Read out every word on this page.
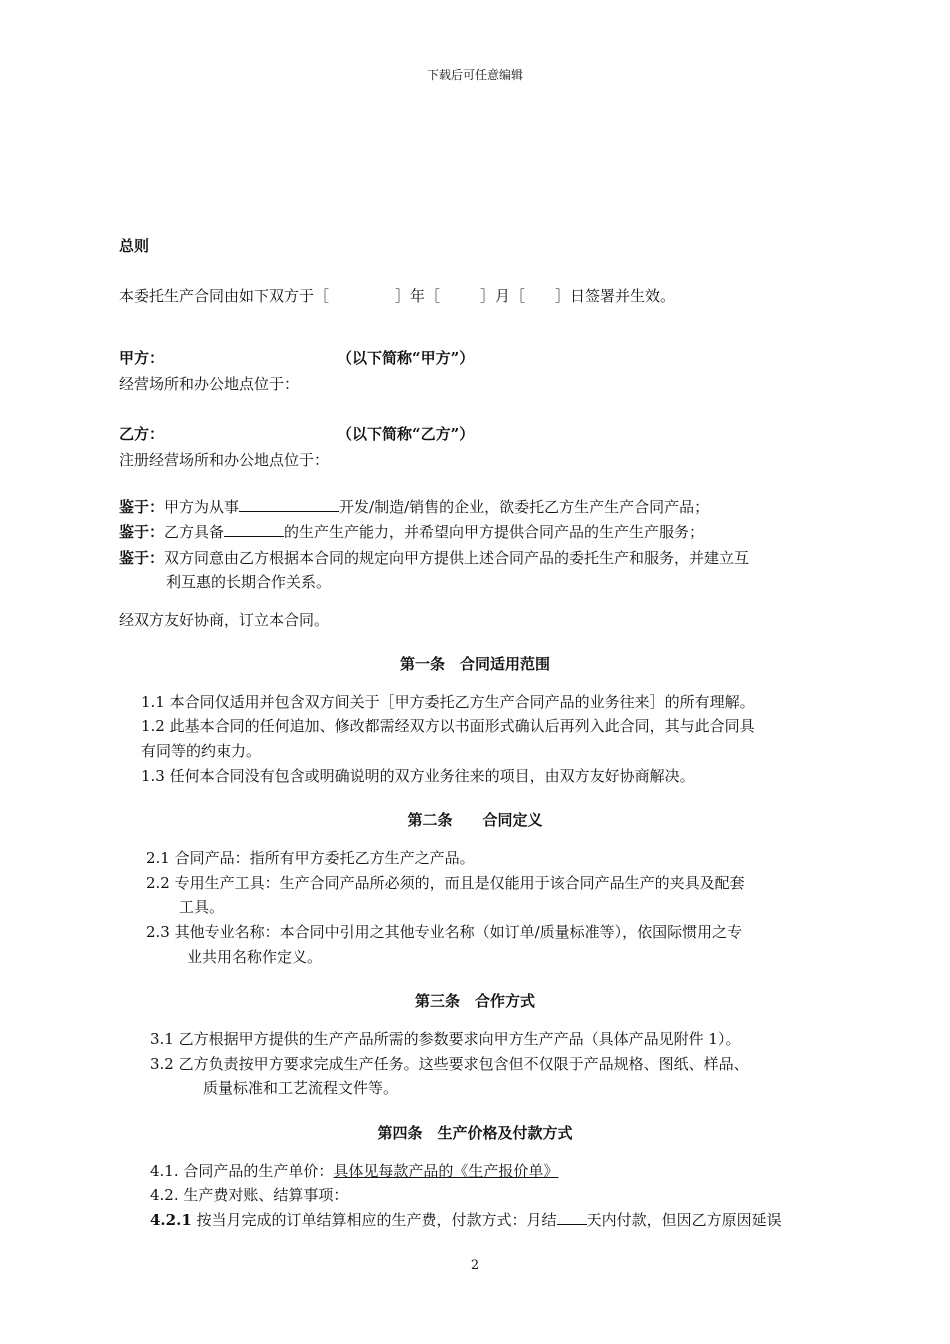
下载后可任意编辑
总则
本委托生产合同由如下双方于［	］年［	］月［ ］日签署并生效。
甲方：	（以下简称“甲方”）
经营场所和办公地点位于：
乙方：	（以下简称“乙方”）
注册经营场所和办公地点位于：
鉴于：甲方为从事	开发/制造/销售的企业，欲委托乙方生产生产合同产品；
鉴于：乙方具备	的生产生产能力，并希望向甲方提供合同产品的生产生产服务；
鉴于：双方同意由乙方根据本合同的规定向甲方提供上述合同产品的委托生产和服务，并建立互
利互惠的长期合作关系。
经双方友好协商，订立本合同。
第一条　合同适用范围
1.1 本合同仅适用并包含双方间关于［甲方委托乙方生产合同产品的业务往来］的所有理解。
1.2 此基本合同的任何追加、修改都需经双方以书面形式确认后再列入此合同，其与此合同具
有同等的约束力。
1.3 任何本合同没有包含或明确说明的双方业务往来的项目，由双方友好协商解决。
第二条　　合同定义
2.1 合同产品：指所有甲方委托乙方生产之产品。
2.2 专用生产工具：生产合同产品所必须的，而且是仅能用于该合同产品生产的夹具及配套
工具。
2.3 其他专业名称：本合同中引用之其他专业名称（如订单/质量标准等），依国际惯用之专
业共用名称作定义。
第三条　合作方式
3.1 乙方根据甲方提供的生产产品所需的参数要求向甲方生产产品（具体产品见附件 1）。
3.2 乙方负责按甲方要求完成生产任务。这些要求包含但不仅限于产品规格、图纸、样品、
质量标准和工艺流程文件等。
第四条　生产价格及付款方式
4.1. 合同产品的生产单价：具体见每款产品的《生产报价单》
4.2. 生产费对账、结算事项：
4.2.1 按当月完成的订单结算相应的生产费，付款方式：月结 天内付款，但因乙方原因延误
2
